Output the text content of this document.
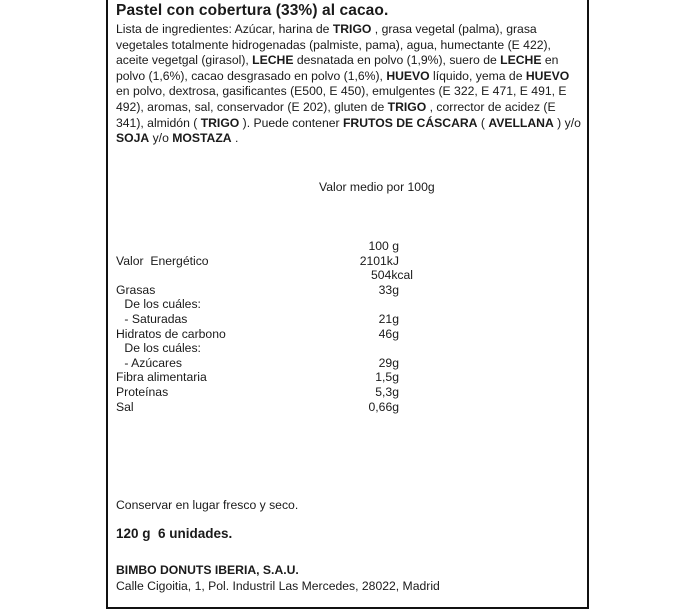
Pastel con cobertura (33%) al cacao.

Lista de ingredientes: Azúcar, harina de TRIGO , grasa vegetal (palma), grasa vegetales totalmente hidrogenadas (palmiste, pama), agua, humectante (E 422), aceite vegetgal (girasol), LECHE desnatada en polvo (1,9%), suero de LECHE en polvo (1,6%), cacao desgrasado en polvo (1,6%), HUEVO líquido, yema de HUEVO en polvo, dextrosa, gasificantes (E500, E 450), emulgentes (E 322, E 471, E 491, E 492), aromas, sal, conservador (E 202), gluten de TRIGO , corrector de acidez (E 341), almidón ( TRIGO ). Puede contener FRUTOS DE CÁSCARA ( AVELLANA ) y/o SOJA y/o MOSTAZA .

Valor medio por 100g
100 g
Valor  Energético	2101kJ
504kcal
Grasas	33g
De los cuáles:
- Saturadas	21g
Hidratos de carbono	46g
De los cuáles:
- Azúcares	29g
Fibra alimentaria	1,5g
Proteínas	5,3g
Sal	0,66g
Conservar en lugar fresco y seco.
120 g  6 unidades.
BIMBO DONUTS IBERIA, S.A.U.
Calle Cigoitia, 1, Pol. Industril Las Mercedes, 28022, Madrid
